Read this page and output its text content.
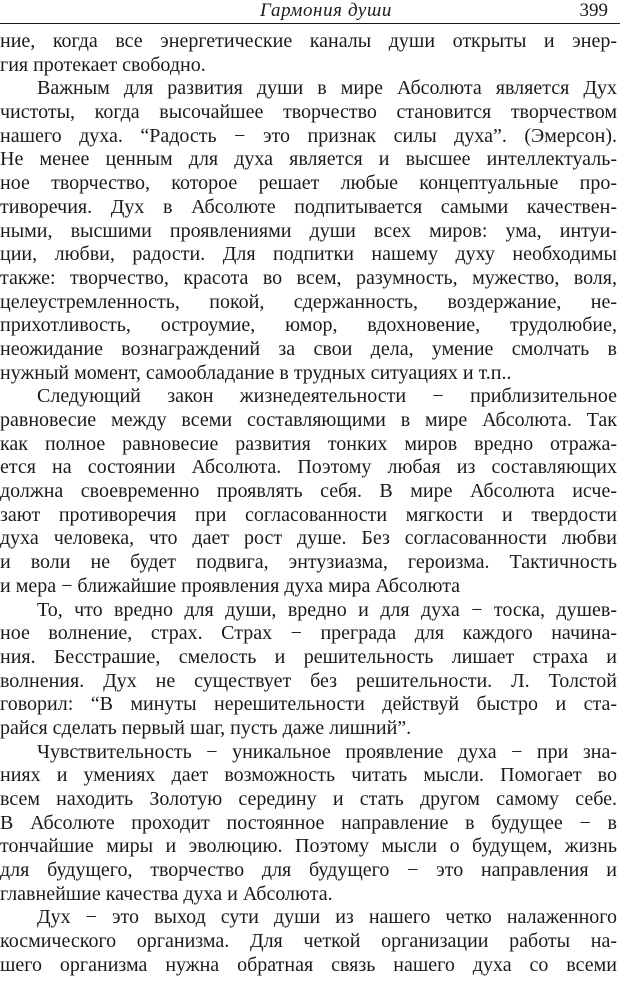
Гармония души	399
ние, когда все энергетические каналы души открыты и энер-
гия протекает свободно.
Важным для развития души в мире Абсолюта является Дух
чистоты, когда высочайшее творчество становится творчеством
нашего духа. “Радость − это признак силы духа”. (Эмерсон).
Не менее ценным для духа является и высшее интеллектуаль-
ное творчество, которое решает любые концептуальные про-
тиворечия. Дух в Абсолюте подпитывается самыми качествен-
ными, высшими проявлениями души всех миров: ума, интуи-
ции, любви, радости. Для подпитки нашему духу необходимы
также: творчество, красота во всем, разумность, мужество, воля,
целеустремленность, покой, сдержанность, воздержание, не-
прихотливость, остроумие, юмор, вдохновение, трудолюбие,
неожидание вознаграждений за свои дела, умение смолчать в
нужный момент, самообладание в трудных ситуациях и т.п..
Следующий закон жизнедеятельности − приблизительное
равновесие между всеми составляющими в мире Абсолюта. Так
как полное равновесие развития тонких миров вредно отража-
ется на состоянии Абсолюта. Поэтому любая из составляющих
должна своевременно проявлять себя. В мире Абсолюта исче-
зают противоречия при согласованности мягкости и твердости
духа человека, что дает рост душе. Без согласованности любви
и воли не будет подвига, энтузиазма, героизма. Тактичность
и мера − ближайшие проявления духа мира Абсолюта
То, что вредно для души, вредно и для духа − тоска, душев-
ное волнение, страх. Страх − преграда для каждого начина-
ния. Бесстрашие, смелость и решительность лишает страха и
волнения. Дух не существует без решительности. Л. Толстой
говорил: “В минуты нерешительности действуй быстро и ста-
райся сделать первый шаг, пусть даже лишний”.
Чувствительность − уникальное проявление духа − при зна-
ниях и умениях дает возможность читать мысли. Помогает во
всем находить Золотую середину и стать другом самому себе.
В Абсолюте проходит постоянное направление в будущее − в
тончайшие миры и эволюцию. Поэтому мысли о будущем, жизнь
для будущего, творчество для будущего − это направления и
главнейшие качества духа и Абсолюта.
Дух − это выход сути души из нашего четко налаженного
космического организма. Для четкой организации работы на-
шего организма нужна обратная связь нашего духа со всеми
